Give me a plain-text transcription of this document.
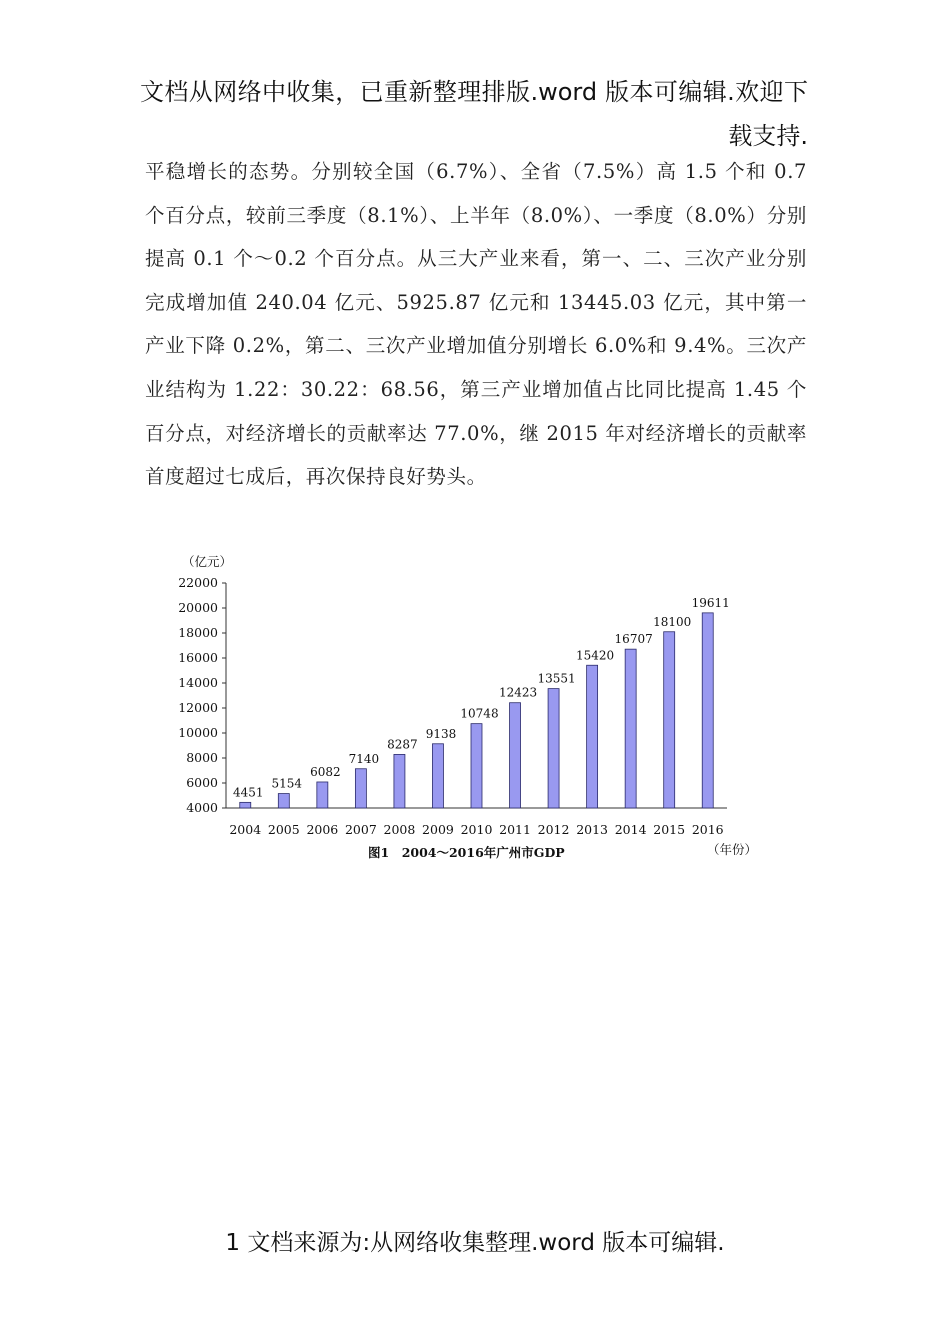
文档从网络中收集，已重新整理排版.word 版本可编辑.欢迎下载支持.
平稳增长的态势。分别较全国（6.7%）、全省（7.5%）高 1.5 个和 0.7 个百分点，较前三季度（8.1%）、上半年（8.0%）、一季度（8.0%）分别提高 0.1 个～0.2 个百分点。从三大产业来看，第一、二、三次产业分别完成增加值 240.04 亿元、5925.87 亿元和 13445.03 亿元，其中第一产业下降 0.2%，第二、三次产业增加值分别增长 6.0%和 9.4%。三次产业结构为 1.22：30.22：68.56，第三产业增加值占比同比提高 1.45 个百分点，对经济增长的贡献率达 77.0%，继 2015 年对经济增长的贡献率首度超过七成后，再次保持良好势头。
（亿元）
4000
6000
8000
10000
12000
14000
16000
18000
20000
22000
4451
5154
6082
7140
8287
9138
10748
12423
13551
15420
16707
18100
19611
2004 2005 2006 2007 2008 2009 2010 2011 2012 2013 2014 2015 2016
（年份）
图1　2004～2016年广州市GDP
1 文档来源为:从网络收集整理.word 版本可编辑.
